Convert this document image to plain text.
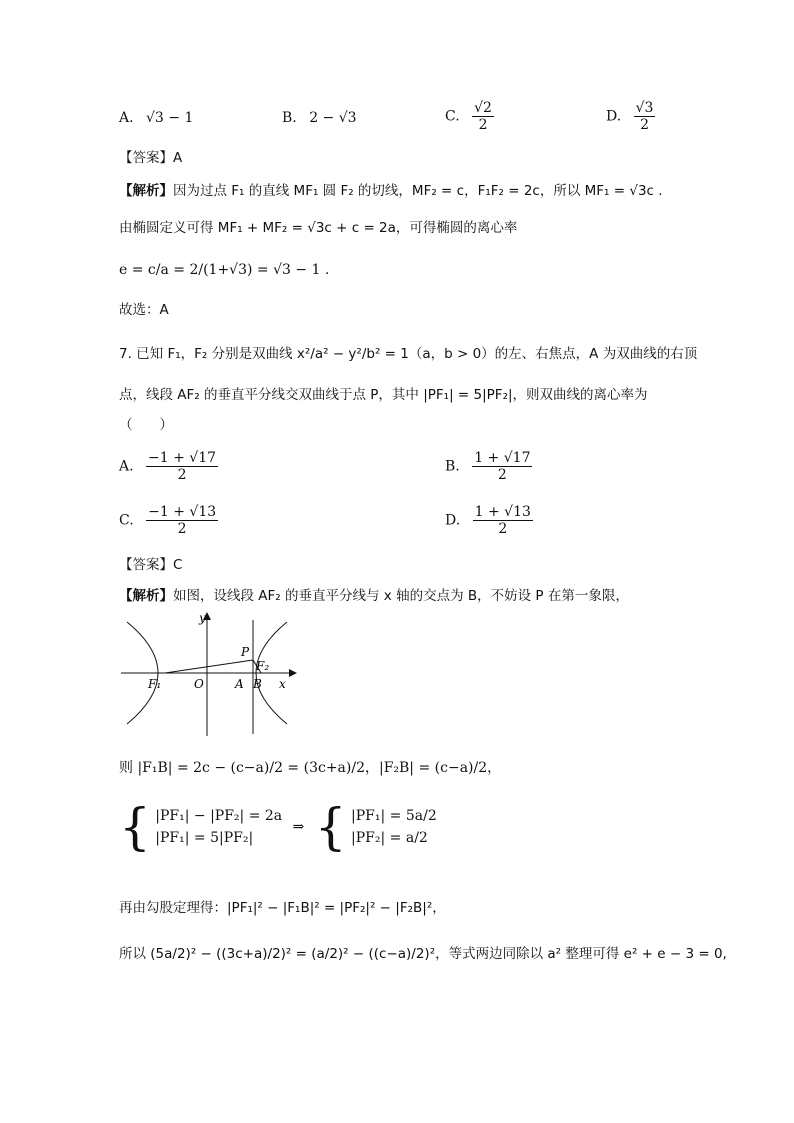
A. √3 − 1	B. 2 − √3	C. $\frac{√2}{2}$	D. $\frac{√3}{2}$
【答案】A
【解析】因为过点 F₁ 的直线 MF₁ 圆 F₂ 的切线，MF₂ = c，F₁F₂ = 2c，所以 MF₁ = √3c .
由椭圆定义可得 MF₁ + MF₂ = √3c + c = 2a，可得椭圆的离心率
e = c/a = 2/(1+√3) = √3 − 1 .
故选：A
7. 已知 F₁，F₂ 分别是双曲线 x²/a² − y²/b² = 1（a，b > 0）的左、右焦点，A 为双曲线的右顶
点，线段 AF₂ 的垂直平分线交双曲线于点 P，其中 |PF₁| = 5|PF₂|，则双曲线的离心率为
（　　）
A. $\frac{-1 + √17}{2}$	B. $\frac{1 + √17}{2}$
C. $\frac{-1 + √13}{2}$	D. $\frac{1 + √13}{2}$
【答案】C
【解析】如图，设线段 AF₂ 的垂直平分线与 x 轴的交点为 B，不妨设 P 在第一象限，
y
x
P
F₂
F₁	O	A B
则 |F₁B| = 2c − (c−a)/2 = (3c+a)/2，|F₂B| = (c−a)/2，
{ |PF₁| − |PF₂| = 2a
|PF₁| = 5|PF₂|
⇒ { |PF₁| = 5a/2
|PF₂| = a/2
再由勾股定理得：|PF₁|² − |F₁B|² = |PF₂|² − |F₂B|²，
所以 (5a/2)² − ((3c+a)/2)² = (a/2)² − ((c−a)/2)²，等式两边同除以 a² 整理可得 e² + e − 3 = 0,
